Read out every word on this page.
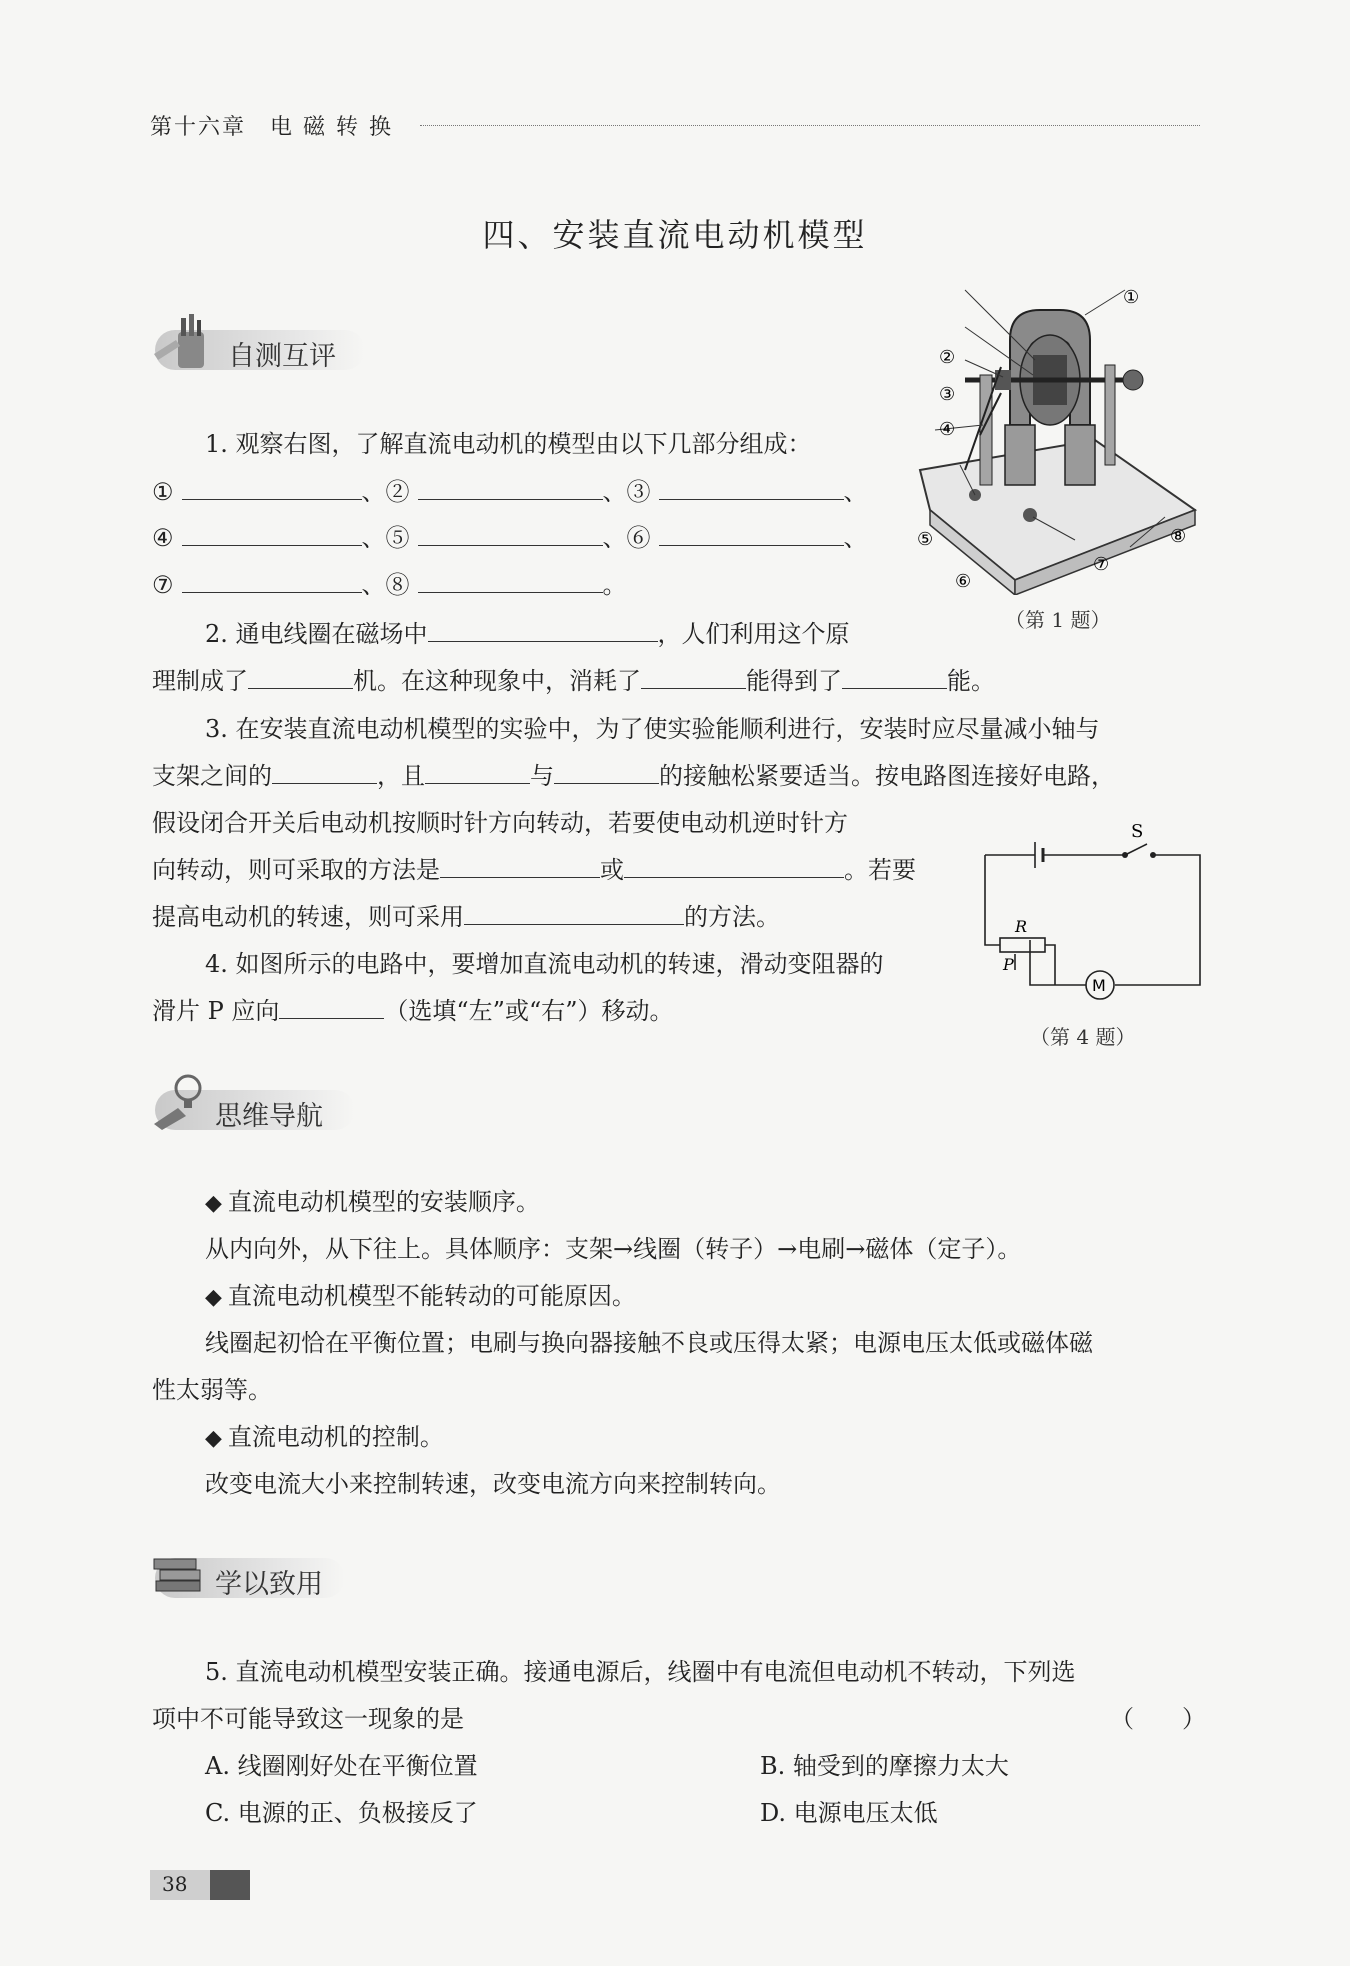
第十六章　电 磁 转 换
四、安装直流电动机模型
自测互评
1. 观察右图，了解直流电动机的模型由以下几部分组成：
①	、②	、③	、
④	、⑤	、⑥	、
⑦	、⑧	。
①
②
③
④
⑤
⑥
⑦
⑧
（第 1 题）
2. 通电线圈在磁场中	，人们利用这个原
理制成了	机。在这种现象中，消耗了	能得到了	能。
3. 在安装直流电动机模型的实验中，为了使实验能顺利进行，安装时应尽量减小轴与
支架之间的	，且	与	的接触松紧要适当。按电路图连接好电路，
假设闭合开关后电动机按顺时针方向转动，若要使电动机逆时针方
向转动，则可采取的方法是	或	。若要
提高电动机的转速，则可采用	的方法。
4. 如图所示的电路中，要增加直流电动机的转速，滑动变阻器的
滑片 P 应向	（选填“左”或“右”）移动。
S
R
P
M
（第 4 题）
思维导航
◆ 直流电动机模型的安装顺序。
从内向外，从下往上。具体顺序：支架→线圈（转子）→电刷→磁体（定子）。
◆ 直流电动机模型不能转动的可能原因。
线圈起初恰在平衡位置；电刷与换向器接触不良或压得太紧；电源电压太低或磁体磁
性太弱等。
◆ 直流电动机的控制。
改变电流大小来控制转速，改变电流方向来控制转向。
学以致用
5. 直流电动机模型安装正确。接通电源后，线圈中有电流但电动机不转动，下列选
项中不可能导致这一现象的是	（　　）
A. 线圈刚好处在平衡位置	B. 轴受到的摩擦力太大
C. 电源的正、负极接反了	D. 电源电压太低
38
